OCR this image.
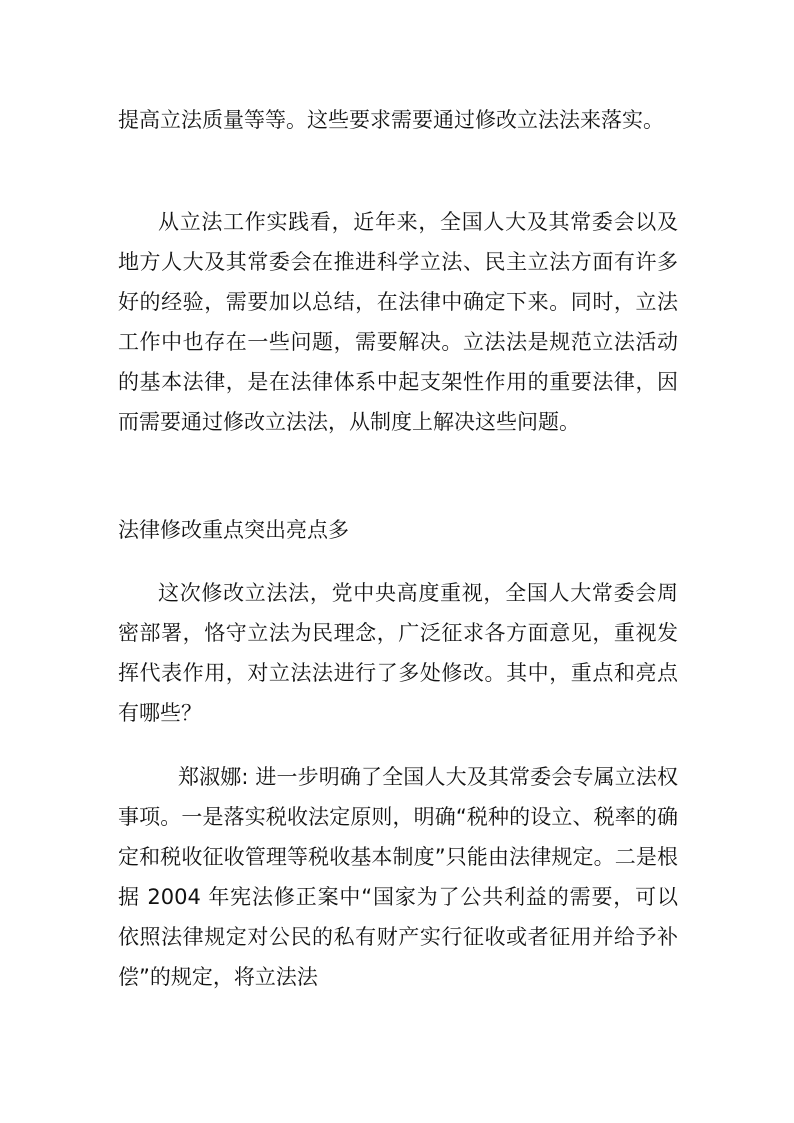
提高立法质量等等。这些要求需要通过修改立法法来落实。

从立法工作实践看，近年来，全国人大及其常委会以及地方人大及其常委会在推进科学立法、民主立法方面有许多好的经验，需要加以总结，在法律中确定下来。同时，立法工作中也存在一些问题，需要解决。立法法是规范立法活动的基本法律，是在法律体系中起支架性作用的重要法律，因而需要通过修改立法法，从制度上解决这些问题。

法律修改重点突出亮点多

这次修改立法法，党中央高度重视，全国人大常委会周密部署，恪守立法为民理念，广泛征求各方面意见，重视发挥代表作用，对立法法进行了多处修改。其中，重点和亮点有哪些？

郑淑娜: 进一步明确了全国人大及其常委会专属立法权事项。一是落实税收法定原则，明确“税种的设立、税率的确定和税收征收管理等税收基本制度”只能由法律规定。二是根据 2004 年宪法修正案中“国家为了公共利益的需要，可以依照法律规定对公民的私有财产实行征收或者征用并给予补偿”的规定，将立法法
